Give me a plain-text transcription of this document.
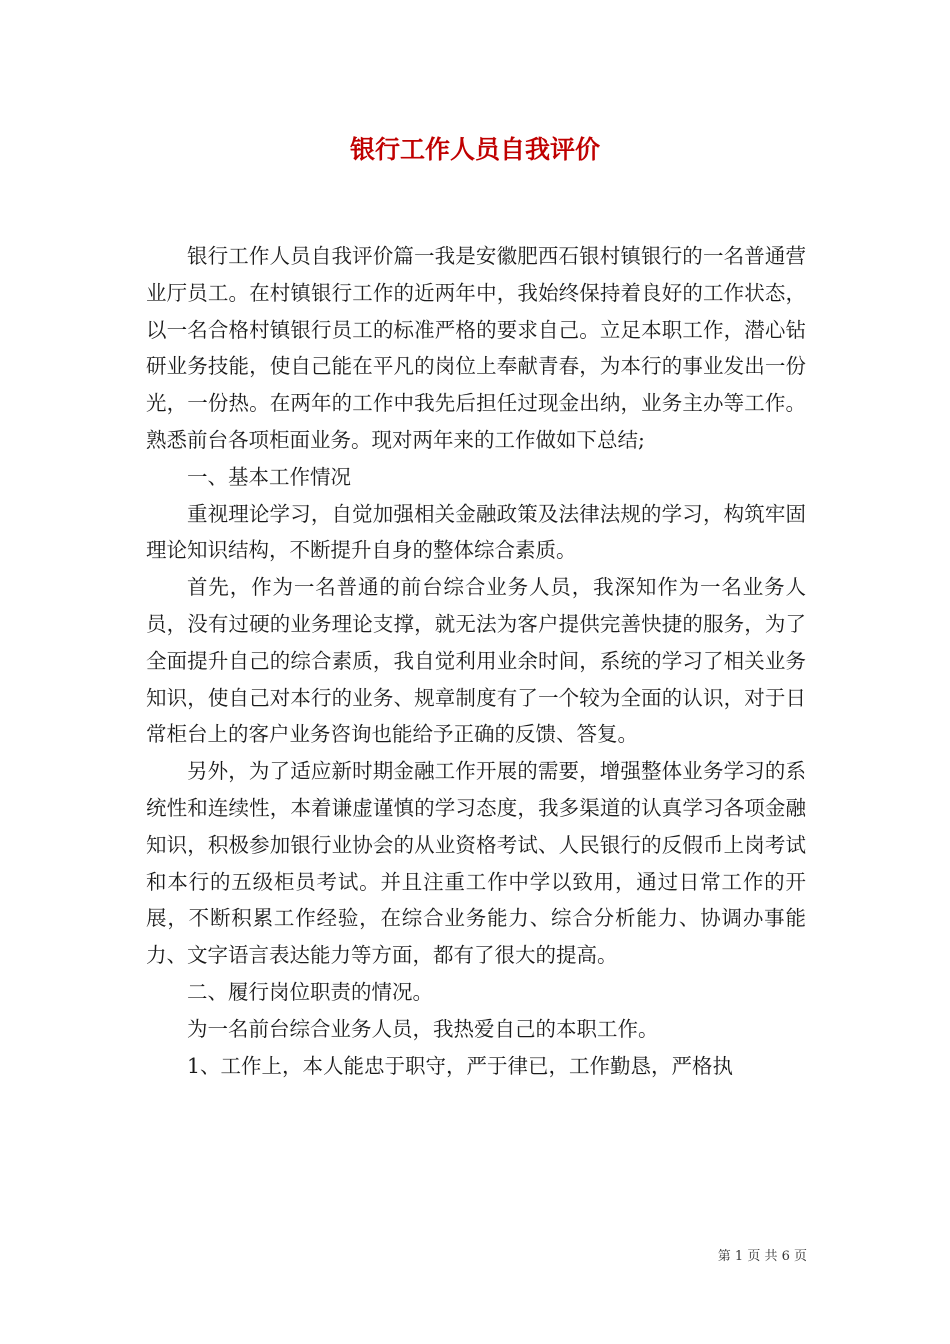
银行工作人员自我评价

银行工作人员自我评价篇一我是安徽肥西石银村镇银行的一名普通营业厅员工。在村镇银行工作的近两年中，我始终保持着良好的工作状态，以一名合格村镇银行员工的标准严格的要求自己。立足本职工作，潜心钻研业务技能，使自己能在平凡的岗位上奉献青春，为本行的事业发出一份光，一份热。在两年的工作中我先后担任过现金出纳，业务主办等工作。熟悉前台各项柜面业务。现对两年来的工作做如下总结;

一、基本工作情况

重视理论学习，自觉加强相关金融政策及法律法规的学习，构筑牢固理论知识结构，不断提升自身的整体综合素质。

首先，作为一名普通的前台综合业务人员，我深知作为一名业务人员，没有过硬的业务理论支撑，就无法为客户提供完善快捷的服务，为了全面提升自己的综合素质，我自觉利用业余时间，系统的学习了相关业务知识，使自己对本行的业务、规章制度有了一个较为全面的认识，对于日常柜台上的客户业务咨询也能给予正确的反馈、答复。

另外，为了适应新时期金融工作开展的需要，增强整体业务学习的系统性和连续性，本着谦虚谨慎的学习态度，我多渠道的认真学习各项金融知识，积极参加银行业协会的从业资格考试、人民银行的反假币上岗考试和本行的五级柜员考试。并且注重工作中学以致用，通过日常工作的开展，不断积累工作经验，在综合业务能力、综合分析能力、协调办事能力、文字语言表达能力等方面，都有了很大的提高。

二、履行岗位职责的情况。

为一名前台综合业务人员，我热爱自己的本职工作。

1、工作上，本人能忠于职守，严于律已，工作勤恳，严格执

第 1 页 共 6 页
